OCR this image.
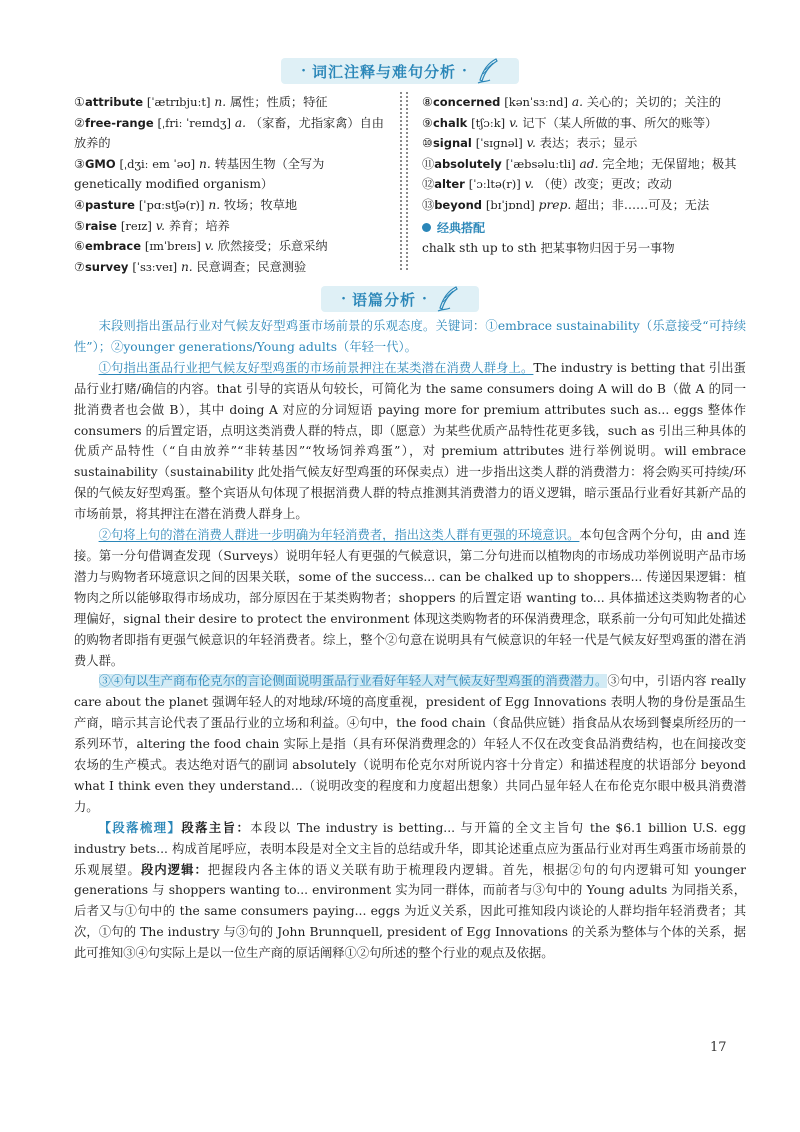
· 词汇注释与难句分析 ·
①attribute [ˈætrɪbjuːt] n. 属性；性质；特征
②free-range [ˌfriː ˈreɪndʒ] a. （家畜，尤指家禽）自由放养的
③GMO [ˌdʒiː em ˈəʊ] n. 转基因生物（全写为 genetically modified organism）
④pasture [ˈpɑːstʃə(r)] n. 牧场；牧草地
⑤raise [reɪz] v. 养育；培养
⑥embrace [ɪmˈbreɪs] v. 欣然接受；乐意采纳
⑦survey [ˈsɜːveɪ] n. 民意调查；民意测验
⑧concerned [kənˈsɜːnd] a. 关心的；关切的；关注的
⑨chalk [tʃɔːk] v. 记下（某人所做的事、所欠的账等）
⑩signal [ˈsɪɡnəl] v. 表达；表示；显示
⑪absolutely [ˈæbsəluːtli] ad. 完全地；无保留地；极其
⑫alter [ˈɔːltə(r)] v. （使）改变；更改；改动
⑬beyond [bɪˈjɒnd] prep. 超出；非……可及；无法
经典搭配
chalk sth up to sth 把某事物归因于另一事物
· 语篇分析 ·

末段则指出蛋品行业对气候友好型鸡蛋市场前景的乐观态度。关键词：①embrace sustainability（乐意接受“可持续性”）；②younger generations/Young adults（年轻一代）。

①句指出蛋品行业把气候友好型鸡蛋的市场前景押注在某类潜在消费人群身上。The industry is betting that 引出蛋品行业打赌/确信的内容。that 引导的宾语从句较长，可简化为 the same consumers doing A will do B（做 A 的同一批消费者也会做 B），其中 doing A 对应的分词短语 paying more for premium attributes such as... eggs 整体作 consumers 的后置定语，点明这类消费人群的特点，即（愿意）为某些优质产品特性花更多钱，such as 引出三种具体的优质产品特性（“自由放养”“非转基因”“牧场饲养鸡蛋”），对 premium attributes 进行举例说明。will embrace sustainability（sustainability 此处指气候友好型鸡蛋的环保卖点）进一步指出这类人群的消费潜力：将会购买可持续/环保的气候友好型鸡蛋。整个宾语从句体现了根据消费人群的特点推测其消费潜力的语义逻辑，暗示蛋品行业看好其新产品的市场前景，将其押注在潜在消费人群身上。

②句将上句的潜在消费人群进一步明确为年轻消费者，指出这类人群有更强的环境意识。本句包含两个分句，由 and 连接。第一分句借调查发现（Surveys）说明年轻人有更强的气候意识，第二分句进而以植物肉的市场成功举例说明产品市场潜力与购物者环境意识之间的因果关联，some of the success... can be chalked up to shoppers... 传递因果逻辑：植物肉之所以能够取得市场成功，部分原因在于某类购物者；shoppers 的后置定语 wanting to... 具体描述这类购物者的心理偏好，signal their desire to protect the environment 体现这类购物者的环保消费理念，联系前一分句可知此处描述的购物者即指有更强气候意识的年轻消费者。综上，整个②句意在说明具有气候意识的年轻一代是气候友好型鸡蛋的潜在消费人群。

③④句以生产商布伦克尔的言论侧面说明蛋品行业看好年轻人对气候友好型鸡蛋的消费潜力。③句中，引语内容 really care about the planet 强调年轻人的对地球/环境的高度重视，president of Egg Innovations 表明人物的身份是蛋品生产商，暗示其言论代表了蛋品行业的立场和利益。④句中，the food chain（食品供应链）指食品从农场到餐桌所经历的一系列环节，altering the food chain 实际上是指（具有环保消费理念的）年轻人不仅在改变食品消费结构，也在间接改变农场的生产模式。表达绝对语气的副词 absolutely（说明布伦克尔对所说内容十分肯定）和描述程度的状语部分 beyond what I think even they understand...（说明改变的程度和力度超出想象）共同凸显年轻人在布伦克尔眼中极具消费潜力。

【段落梳理】段落主旨：本段以 The industry is betting... 与开篇的全文主旨句 the $6.1 billion U.S. egg industry bets... 构成首尾呼应，表明本段是对全文主旨的总结或升华，即其论述重点应为蛋品行业对再生鸡蛋市场前景的乐观展望。段内逻辑：把握段内各主体的语义关联有助于梳理段内逻辑。首先，根据②句的句内逻辑可知 younger generations 与 shoppers wanting to... environment 实为同一群体，而前者与③句中的 Young adults 为同指关系，后者又与①句中的 the same consumers paying... eggs 为近义关系，因此可推知段内谈论的人群均指年轻消费者；其次，①句的 The industry 与③句的 John Brunnquell, president of Egg Innovations 的关系为整体与个体的关系，据此可推知③④句实际上是以一位生产商的原话阐释①②句所述的整个行业的观点及依据。

17
